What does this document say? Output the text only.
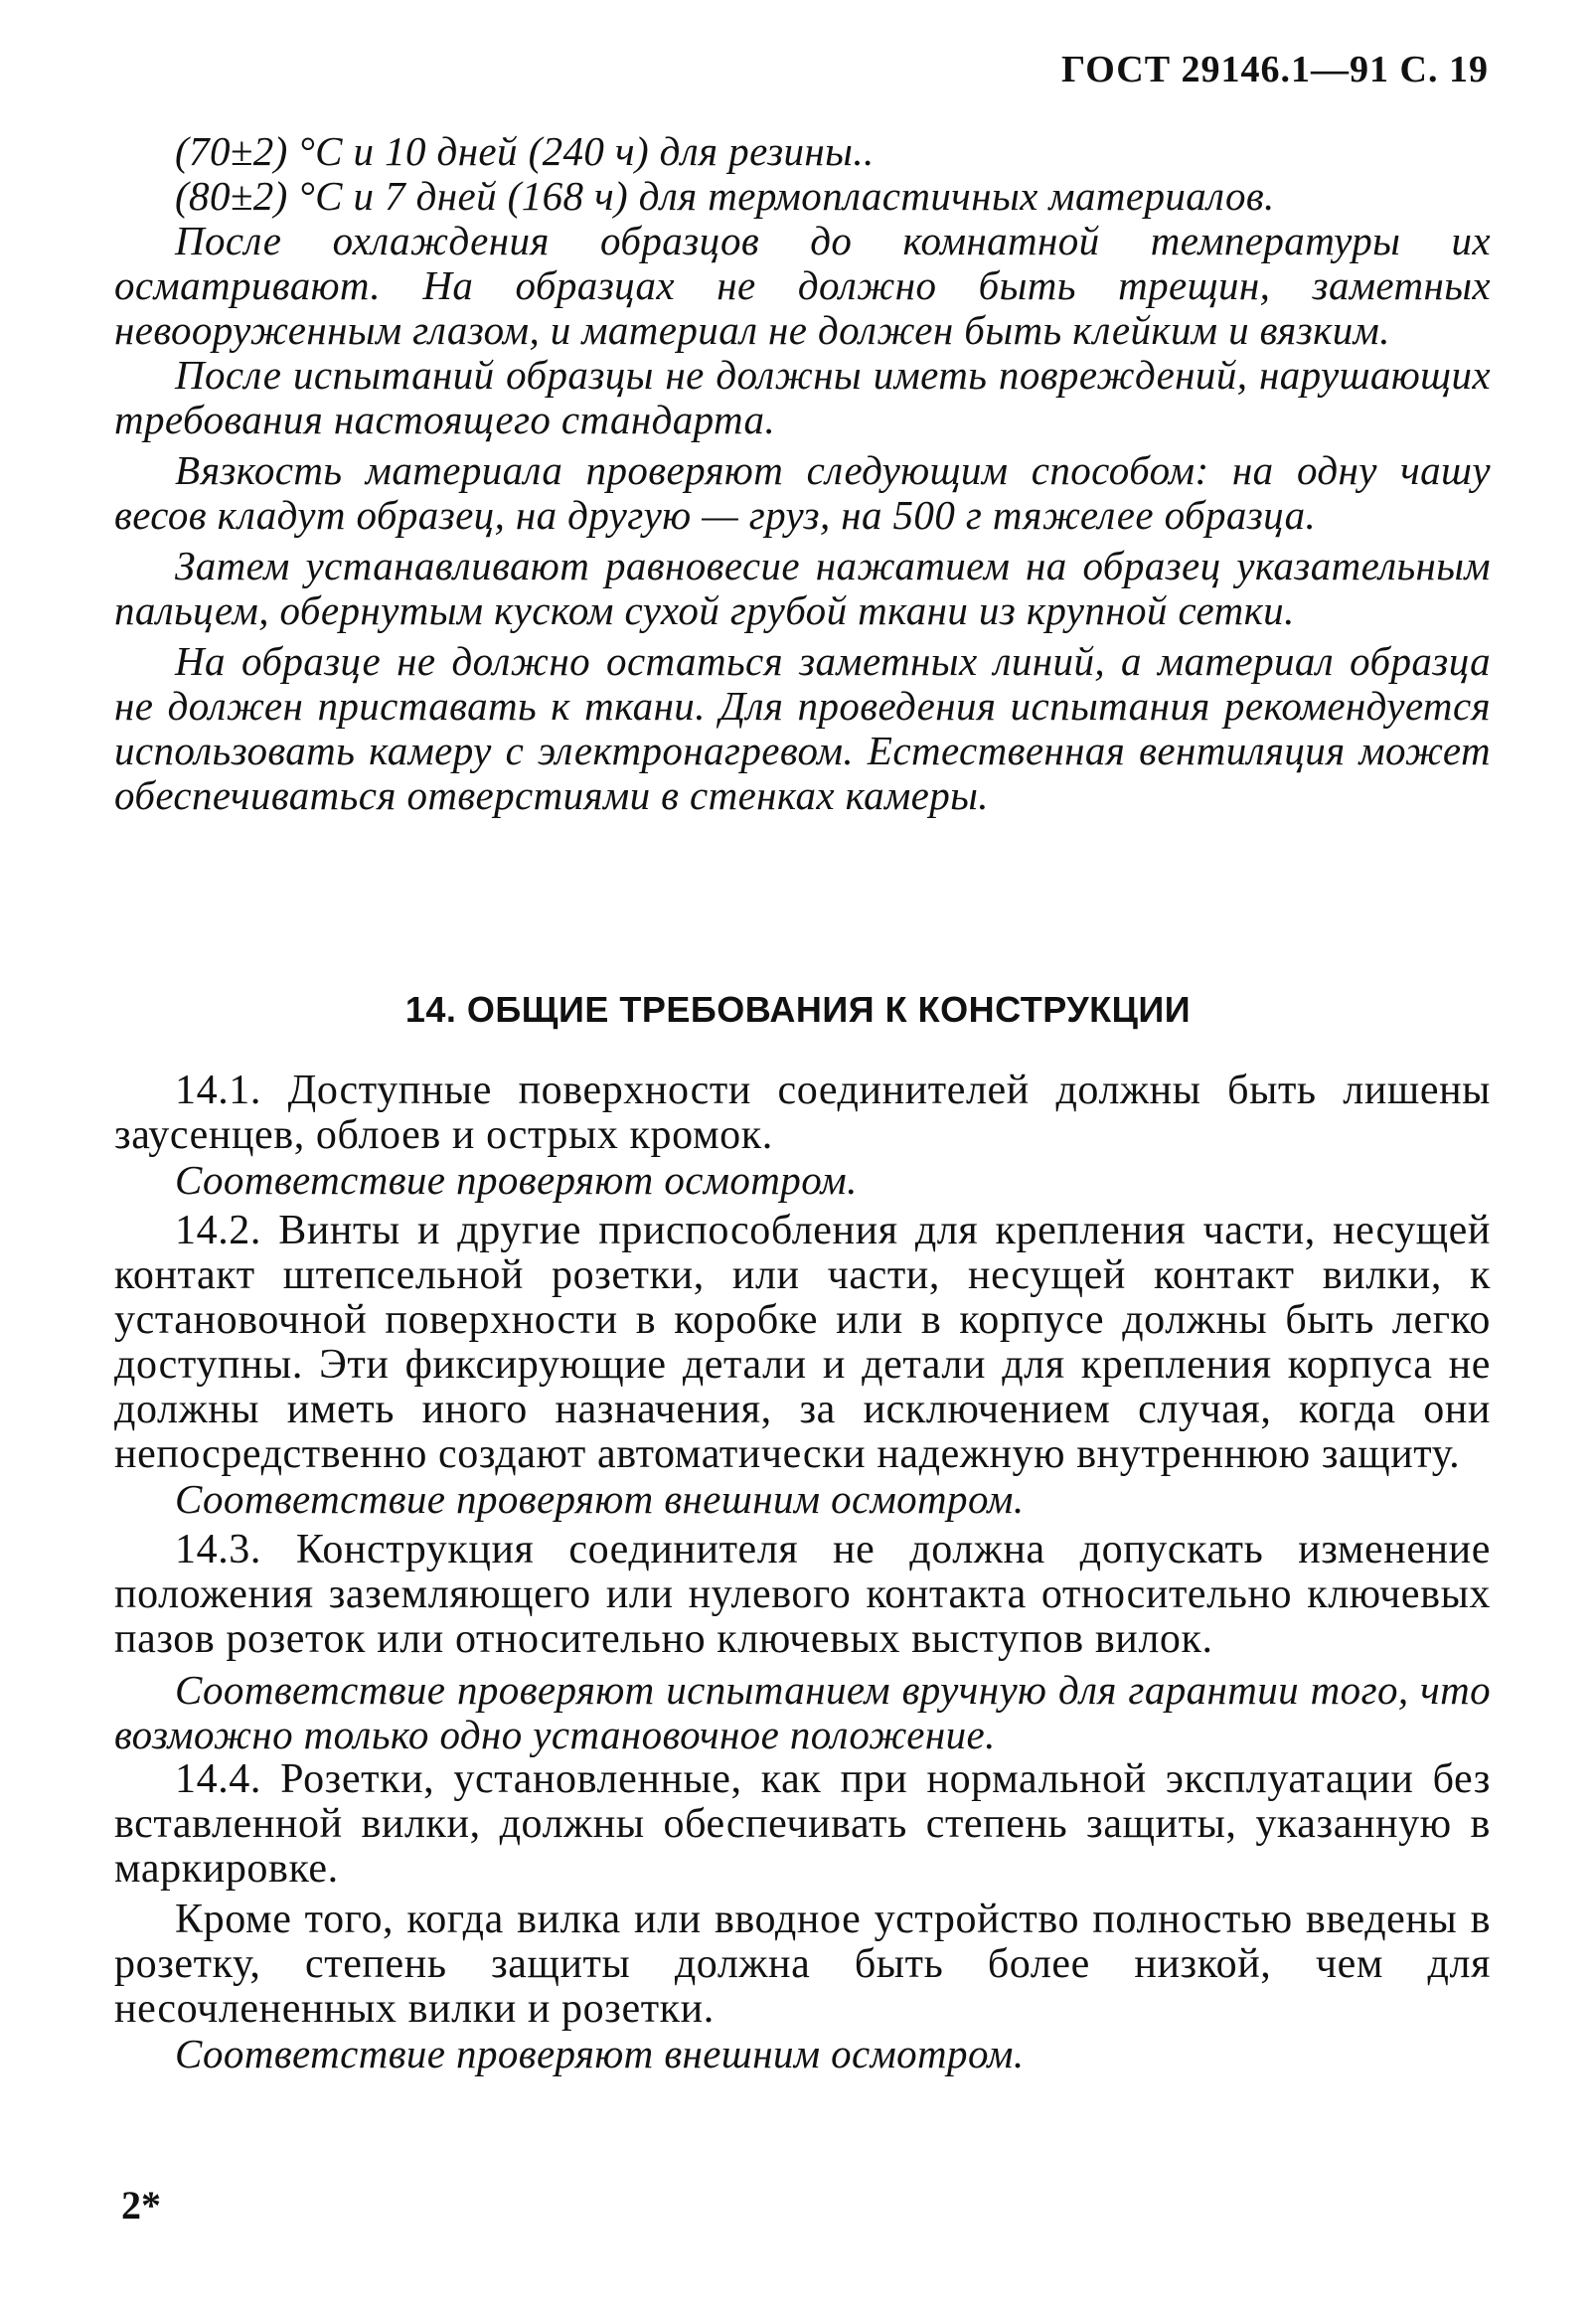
ГОСТ 29146.1—91 С. 19

(70±2) °С и 10 дней (240 ч) для резины..

(80±2) °С и 7 дней (168 ч) для термопластичных материалов.

После охлаждения образцов до комнатной температуры их осматривают. На образцах не должно быть трещин, заметных невооруженным глазом, и материал не должен быть клейким и вязким.

После испытаний образцы не должны иметь повреждений, нарушающих требования настоящего стандарта.

Вязкость материала проверяют следующим способом: на одну чашу весов кладут образец, на другую — груз, на 500 г тяжелее образца.

Затем устанавливают равновесие нажатием на образец указательным пальцем, обернутым куском сухой грубой ткани из крупной сетки.

На образце не должно остаться заметных линий, а материал образца не должен приставать к ткани. Для проведения испытания рекомендуется использовать камеру с электронагревом. Естественная вентиляция может обеспечиваться отверстиями в стенках камеры.

14. ОБЩИЕ ТРЕБОВАНИЯ К КОНСТРУКЦИИ

14.1. Доступные поверхности соединителей должны быть лишены заусенцев, облоев и острых кромок.

Соответствие проверяют осмотром.

14.2. Винты и другие приспособления для крепления части, несущей контакт штепсельной розетки, или части, несущей контакт вилки, к установочной поверхности в коробке или в корпусе должны быть легко доступны. Эти фиксирующие детали и детали для крепления корпуса не должны иметь иного назначения, за исключением случая, когда они непосредственно создают автоматически надежную внутреннюю защиту.

Соответствие проверяют внешним осмотром.

14.3. Конструкция соединителя не должна допускать изменение положения заземляющего или нулевого контакта относительно ключевых пазов розеток или относительно ключевых выступов вилок.

Соответствие проверяют испытанием вручную для гарантии того, что возможно только одно установочное положение.

14.4. Розетки, установленные, как при нормальной эксплуатации без вставленной вилки, должны обеспечивать степень защиты, указанную в маркировке.

Кроме того, когда вилка или вводное устройство полностью введены в розетку, степень защиты должна быть более низкой, чем для несочлененных вилки и розетки.

Соответствие проверяют внешним осмотром.

2*
